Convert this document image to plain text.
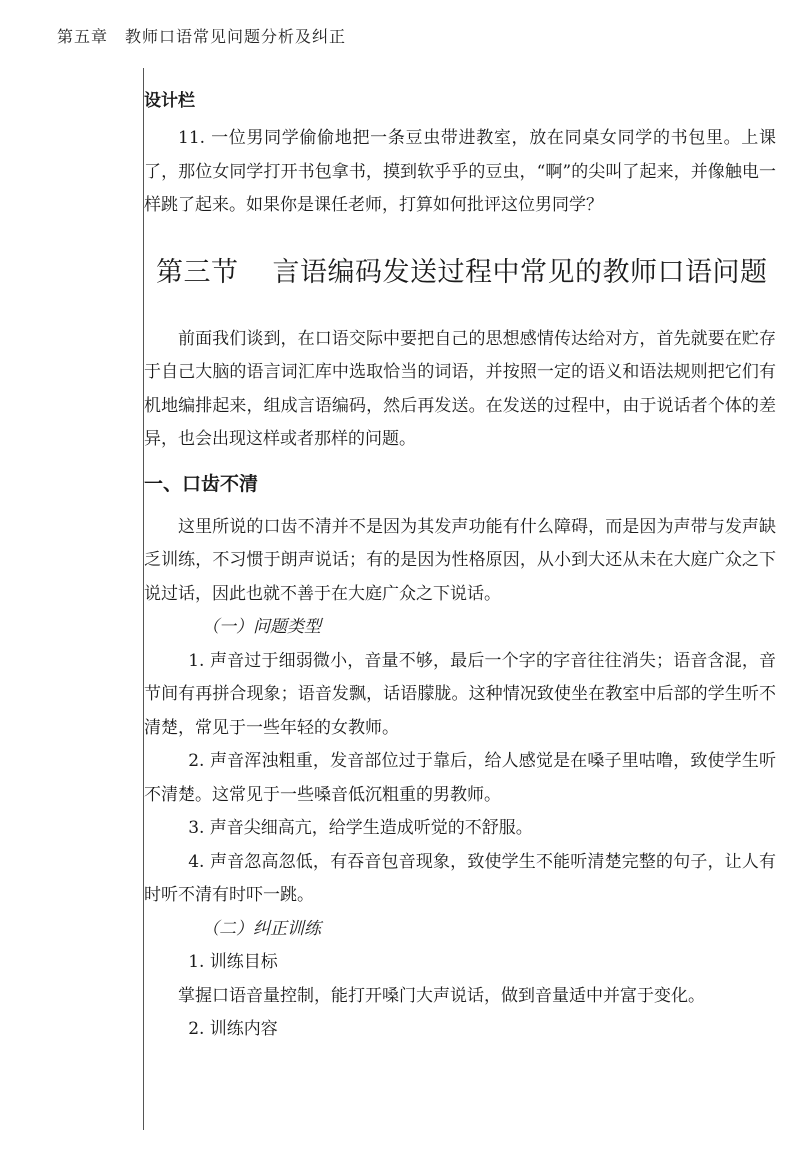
第五章　教师口语常见问题分析及纠正
设计栏

11. 一位男同学偷偷地把一条豆虫带进教室，放在同桌女同学的书包里。上课了，那位女同学打开书包拿书，摸到软乎乎的豆虫，“啊”的尖叫了起来，并像触电一样跳了起来。如果你是课任老师，打算如何批评这位男同学？

第三节 言语编码发送过程中常见的教师口语问题

前面我们谈到，在口语交际中要把自己的思想感情传达给对方，首先就要在贮存于自己大脑的语言词汇库中选取恰当的词语，并按照一定的语义和语法规则把它们有机地编排起来，组成言语编码，然后再发送。在发送的过程中，由于说话者个体的差异，也会出现这样或者那样的问题。

一、口齿不清

这里所说的口齿不清并不是因为其发声功能有什么障碍，而是因为声带与发声缺乏训练，不习惯于朗声说话；有的是因为性格原因，从小到大还从未在大庭广众之下说过话，因此也就不善于在大庭广众之下说话。

（一）问题类型

1. 声音过于细弱微小，音量不够，最后一个字的字音往往消失；语音含混，音节间有再拼合现象；语音发飘，话语朦胧。这种情况致使坐在教室中后部的学生听不清楚，常见于一些年轻的女教师。

2. 声音浑浊粗重，发音部位过于靠后，给人感觉是在嗓子里咕噜，致使学生听不清楚。这常见于一些嗓音低沉粗重的男教师。

3. 声音尖细高亢，给学生造成听觉的不舒服。

4. 声音忽高忽低，有吞音包音现象，致使学生不能听清楚完整的句子，让人有时听不清有时吓一跳。

（二）纠正训练

1. 训练目标

掌握口语音量控制，能打开嗓门大声说话，做到音量适中并富于变化。

2. 训练内容
